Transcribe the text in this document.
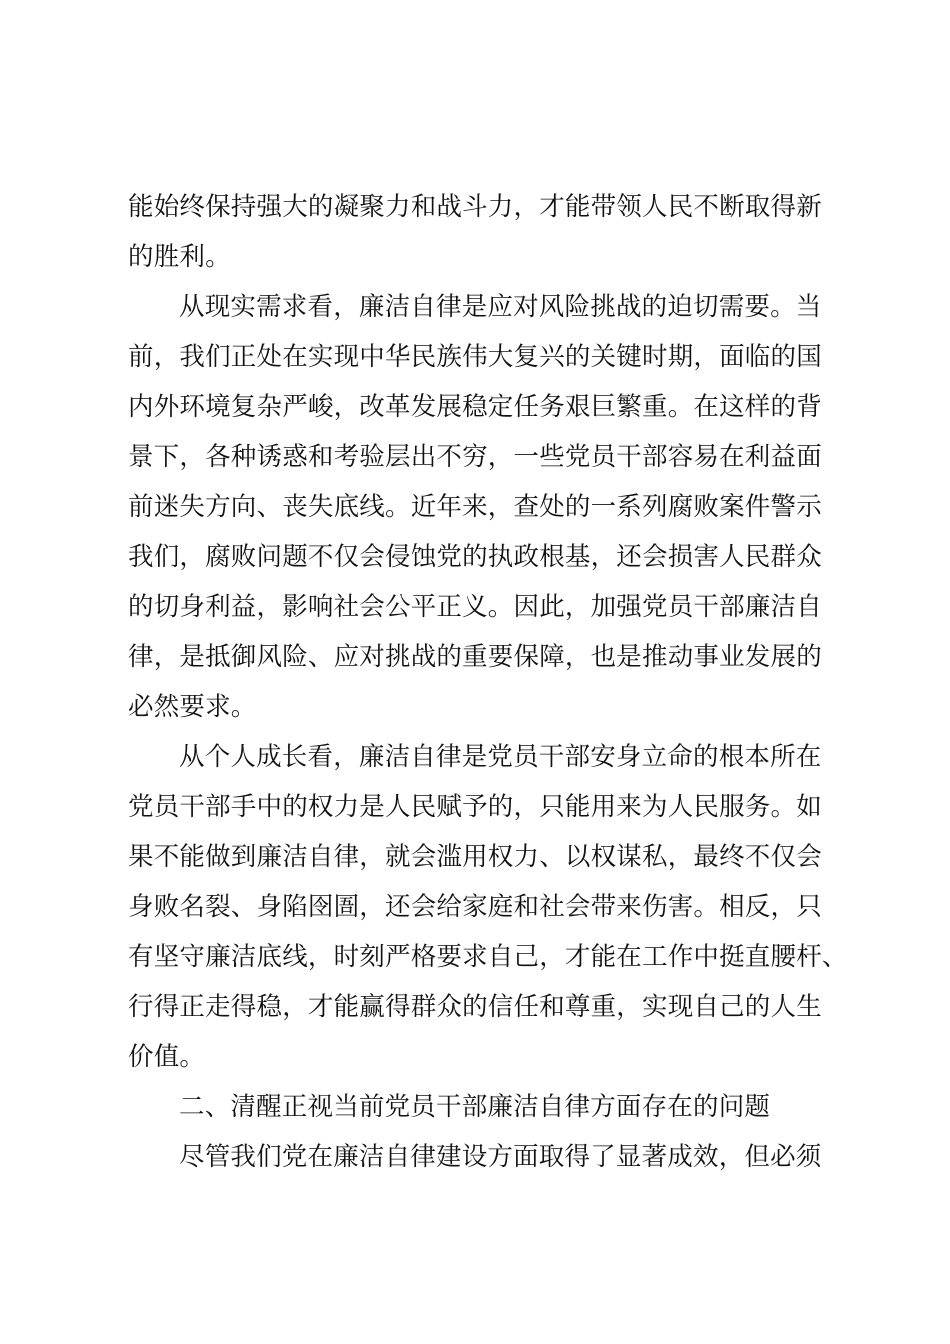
能始终保持强大的凝聚力和战斗力，才能带领人民不断取得新
的胜利。
从现实需求看，廉洁自律是应对风险挑战的迫切需要。当
前，我们正处在实现中华民族伟大复兴的关键时期，面临的国
内外环境复杂严峻，改革发展稳定任务艰巨繁重。在这样的背
景下，各种诱惑和考验层出不穷，一些党员干部容易在利益面
前迷失方向、丧失底线。近年来，查处的一系列腐败案件警示
我们，腐败问题不仅会侵蚀党的执政根基，还会损害人民群众
的切身利益，影响社会公平正义。因此，加强党员干部廉洁自
律，是抵御风险、应对挑战的重要保障，也是推动事业发展的
必然要求。
从个人成长看，廉洁自律是党员干部安身立命的根本所在
党员干部手中的权力是人民赋予的，只能用来为人民服务。如
果不能做到廉洁自律，就会滥用权力、以权谋私，最终不仅会
身败名裂、身陷囹圄，还会给家庭和社会带来伤害。相反，只
有坚守廉洁底线，时刻严格要求自己，才能在工作中挺直腰杆、
行得正走得稳，才能赢得群众的信任和尊重，实现自己的人生
价值。
二、清醒正视当前党员干部廉洁自律方面存在的问题
尽管我们党在廉洁自律建设方面取得了显著成效，但必须
